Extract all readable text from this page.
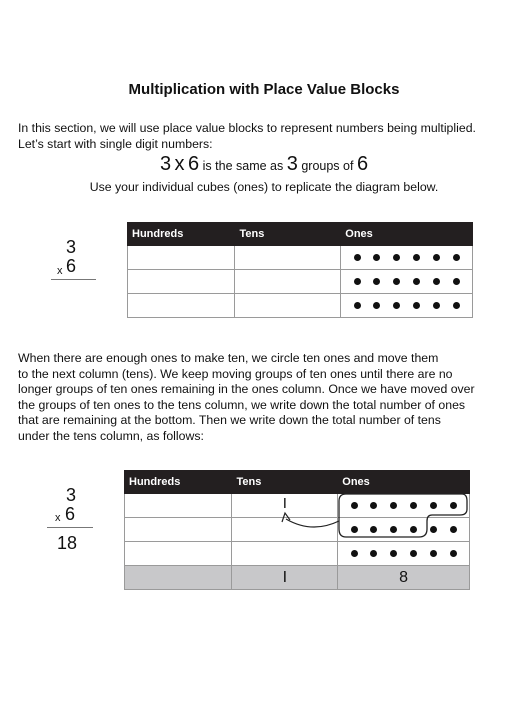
Multiplication with Place Value Blocks
In this section, we will use place value blocks to represent numbers being multiplied.
Let’s start with single digit numbers:
3 x 6 is the same as 3 groups of 6
Use your individual cubes (ones) to replicate the diagram below.
3
x 6
Hundreds	Tens	Ones

When there are enough ones to make ten, we circle ten ones and move them
to the next column (tens). We keep moving groups of ten ones until there are no
longer groups of ten ones remaining in the ones column. Once we have moved over
the groups of ten ones to the tens column, we write down the total number of ones
that are remaining at the bottom. Then we write down the total number of tens
under the tens column, as follows:
3
x 6
18
Hundreds	Tens	Ones

	I	

	I	8
